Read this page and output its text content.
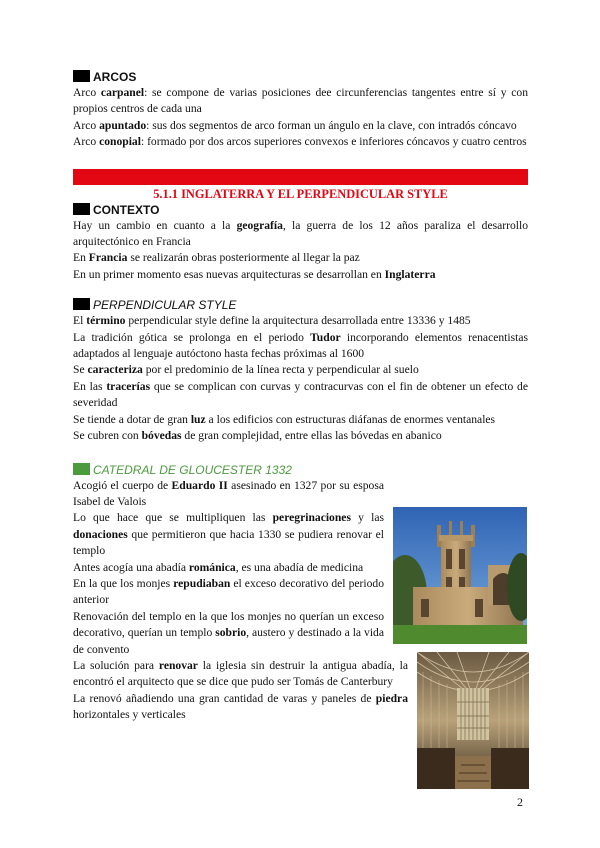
ARCOS
Arco carpanel: se compone de varias posiciones dee circunferencias tangentes entre sí y con propios centros de cada una
Arco apuntado: sus dos segmentos de arco forman un ángulo en la clave, con intradós cóncavo
Arco conopial: formado por dos arcos superiores convexos e inferiores cóncavos y cuatro centros
5.1.1 INGLATERRA Y EL PERPENDICULAR STYLE
CONTEXTO
Hay un cambio en cuanto a la geografía, la guerra de los 12 años paraliza el desarrollo arquitectónico en Francia
En Francia se realizarán obras posteriormente al llegar la paz
En un primer momento esas nuevas arquitecturas se desarrollan en Inglaterra
PERPENDICULAR STYLE
El término perpendicular style define la arquitectura desarrollada entre 13336 y 1485
La tradición gótica se prolonga en el periodo Tudor incorporando elementos renacentistas adaptados al lenguaje autóctono hasta fechas próximas al 1600
Se caracteriza por el predominio de la línea recta y perpendicular al suelo
En las tracerías que se complican con curvas y contracurvas con el fin de obtener un efecto de severidad
Se tiende a dotar de gran luz a los edificios con estructuras diáfanas de enormes ventanales
Se cubren con bóvedas de gran complejidad, entre ellas las bóvedas en abanico
CATEDRAL DE GLOUCESTER 1332
Acogió el cuerpo de Eduardo II asesinado en 1327 por su esposa Isabel de Valois
Lo que hace que se multipliquen las peregrinaciones y las donaciones que permitieron que hacia 1330 se pudiera renovar el templo
Antes acogía una abadía románica, es una abadía de medicina
En la que los monjes repudiaban el exceso decorativo del periodo anterior
Renovación del templo en la que los monjes no querían un exceso decorativo, querían un templo sobrio, austero y destinado a la vida de convento
La solución para renovar la iglesia sin destruir la antigua abadía, la encontró el arquitecto que se dice que pudo ser Tomás de Canterbury
La renovó añadiendo una gran cantidad de varas y paneles de piedra horizontales y verticales
2
